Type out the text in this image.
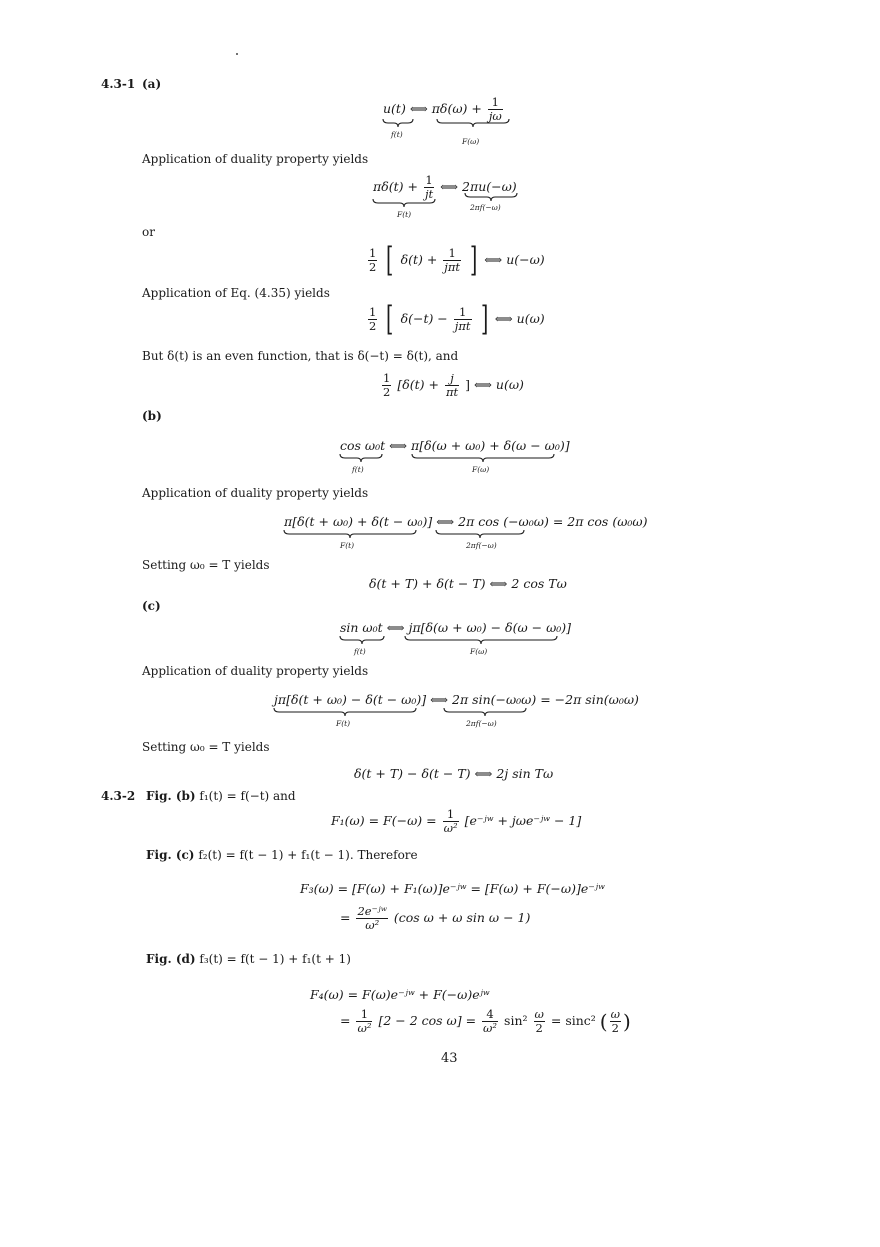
4.3-1 (a)
u(t) ⟺ $\pi\delta(\omega) + \frac{1}{j\omega}$
f(t)
F(ω)
Application of duality property yields
$\pi\delta(t) + \frac{1}{jt}$ ⟺ 2πu(−ω)
F(t)
2πf(−ω)
or
$\frac{1}{2}$ [ $\delta(t) + \frac{1}{\text{jπt}}$ ] ⟺ u(−ω)
Application of Eq. (4.35) yields
$\frac{1}{2}$ [ $\delta(-t) - \frac{1}{\text{jπt}}$ ] ⟺ u(ω)
But δ(t) is an even function, that is δ(−t) = δ(t), and
$\frac{1}{2} [\delta(t) + \frac{j}{\pi t}$ ] ⟺ u(ω)
(b)
cos ω₀t ⟺ π[δ(ω + ω₀) + δ(ω − ω₀)]
f(t)	F(ω)
Application of duality property yields
π[δ(t + ω₀) + δ(t − ω₀)] ⟺ 2π cos (−ω₀ω) = 2π cos (ω₀ω)
F(t)	2πf(−ω)
Setting ω₀ = T yields
δ(t + T) + δ(t − T) ⟺ 2 cos Tω
(c)
sin ω₀t ⟺ jπ[δ(ω + ω₀) − δ(ω − ω₀)]
f(t)	F(ω)
Application of duality property yields
jπ[δ(t + ω₀) − δ(t − ω₀)] ⟺ 2π sin(−ω₀ω) = −2π sin(ω₀ω)
F(t)	2πf(−ω)
Setting ω₀ = T yields
δ(t + T) − δ(t − T) ⟺ 2j sin Tω
4.3-2 Fig. (b) f₁(t) = f(−t) and
$F_1(\omega) = F(-\omega) = \frac{1}{\text{ω²}}$ [e⁻ʲʷ + jωe⁻ʲʷ − 1]
Fig. (c) f₂(t) = f(t − 1) + f₁(t − 1). Therefore
F₃(ω) = [F(ω) + F₁(ω)]e⁻ʲʷ = [F(ω) + F(−ω)]e⁻ʲʷ
= $\frac{\text{2e⁻ʲʷ}}{\text{ω²}} (\cos$ ω + ω sin ω − 1)
Fig. (d) f₃(t) = f(t − 1) + f₁(t + 1)
F₄(ω) = F(ω)e⁻ʲʷ + F(−ω)eʲʷ
= $\frac{1}{\text{ω²}} [2 - 2$ $\cos \omega] = \frac{4}{\text{ω²}} \sin^2 \frac{\omega}{2} = \sin c^2$ ( $\frac{\omega}{2}$ )
43
